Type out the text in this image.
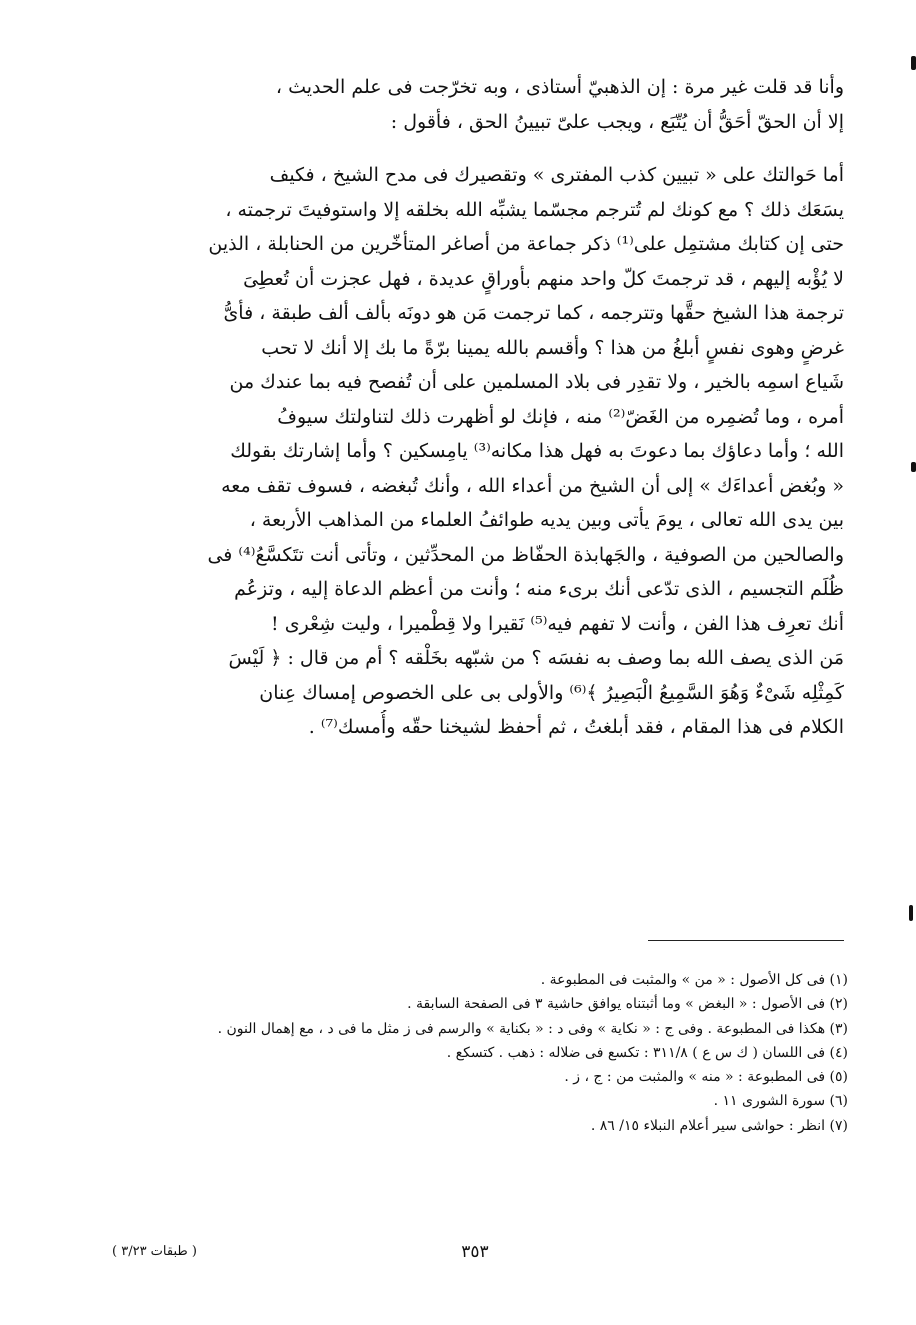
وأنا قد قلت غير مرة : إن الذهبيّ أستاذى ، وبه تخرّجت فى علم الحديث ،
إلا أن الحقّ أحَقُّ أن يُتّبَع ، ويجب علىّ تبيينُ الحق ، فأقول :

أما حَوالتك على « تبيين كذب المفترى » وتقصيرك فى مدح الشيخ ، فكيف
يسَعَك ذلك ؟ مع كونك لم تُترجم مجسّما يشبِّه الله بخلقه إلا واستوفيتَ ترجمته ،
حتى إن كتابك مشتمِل على⁽¹⁾ ذكر جماعة من أصاغر المتأخّرين من الحنابلة ، الذين
لا يُؤْبه إليهم ، قد ترجمتَ كلّ واحد منهم بأوراقٍ عديدة ، فهل عجزت أن تُعطِىَ
ترجمة هذا الشيخ حقَّها وتترجمه ، كما ترجمت مَن هو دونَه بألف ألف طبقة ، فأىُّ
غرضٍ وهوى نفسٍ أبلغُ من هذا ؟ وأقسم بالله يمينا برّةً ما بك إلا أنك لا تحب
شَياع اسمِه بالخير ، ولا تقدِر فى بلاد المسلمين على أن تُفصح فيه بما عندك من
أمره ، وما تُضمِره من الغَضّ⁽²⁾ منه ، فإنك لو أظهرت ذلك لتناولتك سيوفُ
الله ؛ وأما دعاؤك بما دعوتَ به فهل هذا مكانه⁽³⁾ يامِسكين ؟ وأما إشارتك بقولك
« وبُغض أعداءَك » إلى أن الشيخ من أعداء الله ، وأنك تُبغضه ، فسوف تقف معه
بين يدى الله تعالى ، يومَ يأتى وبين يديه طوائفُ العلماء من المذاهب الأربعة ،
والصالحين من الصوفية ، والجَهابذة الحفّاظ من المحدِّثين ، وتأتى أنت تتَكسَّعُ⁽⁴⁾ فى
ظُلَم التجسيم ، الذى تدّعى أنك برىء منه ؛ وأنت من أعظم الدعاة إليه ، وتزعُم
أنك تعرِف هذا الفن ، وأنت لا تفهم فيه⁽⁵⁾ نَقيرا ولا قِطْميرا ، وليت شِعْرى !
مَن الذى يصف الله بما وصف به نفسَه ؟ من شبّهه بخَلْقه ؟ أم من قال : ﴿ لَيْسَ
كَمِثْلِه شَىْءٌ وَهُوَ السَّمِيعُ الْبَصِيرُ ﴾⁽⁶⁾ والأولى بى على الخصوص إمساك عِنان
الكلام فى هذا المقام ، فقد أبلغتُ ، ثم أحفظ لشيخنا حقّه وأُمسك⁽⁷⁾ .

(١) فى كل الأصول : « من » والمثبت فى المطبوعة .
(٢) فى الأصول : « البغض » وما أثبتناه يوافق حاشية ٣ فى الصفحة السابقة .
(٣) هكذا فى المطبوعة . وفى ج : « نكاية » وفى د : « بكناية » والرسم فى ز مثل ما فى د ، مع إهمال النون .
(٤) فى اللسان ( ك س ع ) ٣١١/٨ : تكسع فى ضلاله : ذهب . كتسكع .
(٥) فى المطبوعة : « منه » والمثبت من : ج ، ز .
(٦) سورة الشورى ١١ .
(٧) انظر : حواشى سير أعلام النبلاء ١٥/ ٨٦ .
٣٥٣
( طبقات ٣/٢٣ )
